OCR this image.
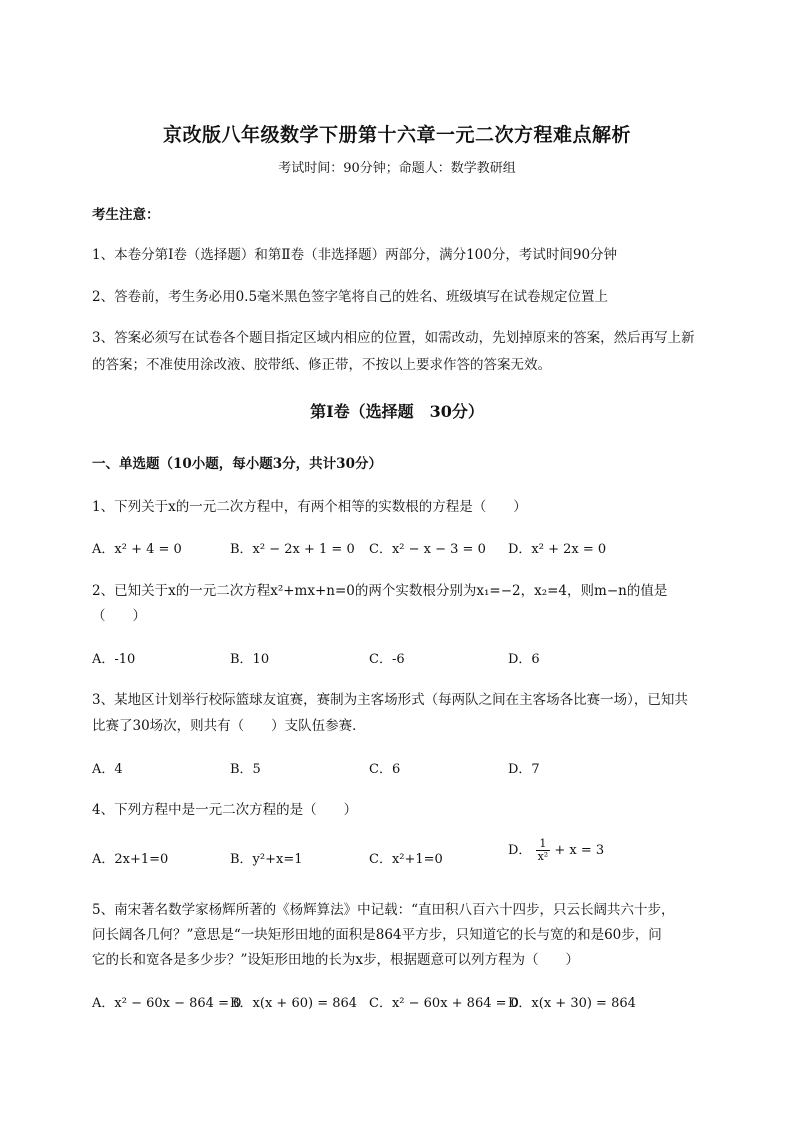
京改版八年级数学下册第十六章一元二次方程难点解析
考试时间：90分钟；命题人：数学教研组
考生注意：
1、本卷分第I卷（选择题）和第Ⅱ卷（非选择题）两部分，满分100分，考试时间90分钟
2、答卷前，考生务必用0.5毫米黑色签字笔将自己的姓名、班级填写在试卷规定位置上
3、答案必须写在试卷各个题目指定区域内相应的位置，如需改动，先划掉原来的答案，然后再写上新
的答案；不准使用涂改液、胶带纸、修正带，不按以上要求作答的答案无效。
第I卷（选择题　30分）
一、单选题（10小题，每小题3分，共计30分）
1、下列关于x的一元二次方程中，有两个相等的实数根的方程是（　　）
A．x² + 4 = 0	B．x² − 2x + 1 = 0 C．x² − x − 3 = 0 D．x² + 2x = 0
2、已知关于x的一元二次方程x²+mx+n=0的两个实数根分别为x₁=−2，x₂=4，则m−n的值是
（　　）
A．-10	B．10	C．-6	D．6
3、某地区计划举行校际篮球友谊赛，赛制为主客场形式（每两队之间在主客场各比赛一场），已知共
比赛了30场次，则共有（　　）支队伍参赛．
A．4	B．5	C．6	D．7
4、下列方程中是一元二次方程的是（　　）
A．2x+1=0	B．y²+x=1	C．x²+1=0
D． $\frac{1}{\text{x²}} + x = 3$
5、南宋著名数学家杨辉所著的《杨辉算法》中记载：“直田积八百六十四步，只云长阔共六十步，
问长阔各几何？”意思是“一块矩形田地的面积是864平方步，只知道它的长与宽的和是60步，问
它的长和宽各是多少步？”设矩形田地的长为x步，根据题意可以列方程为（　　）
A．x² − 60x − 864 = 0
B．x(x + 60) = 864 C．x² − 60x + 864 = 0
D．x(x + 30) = 864
